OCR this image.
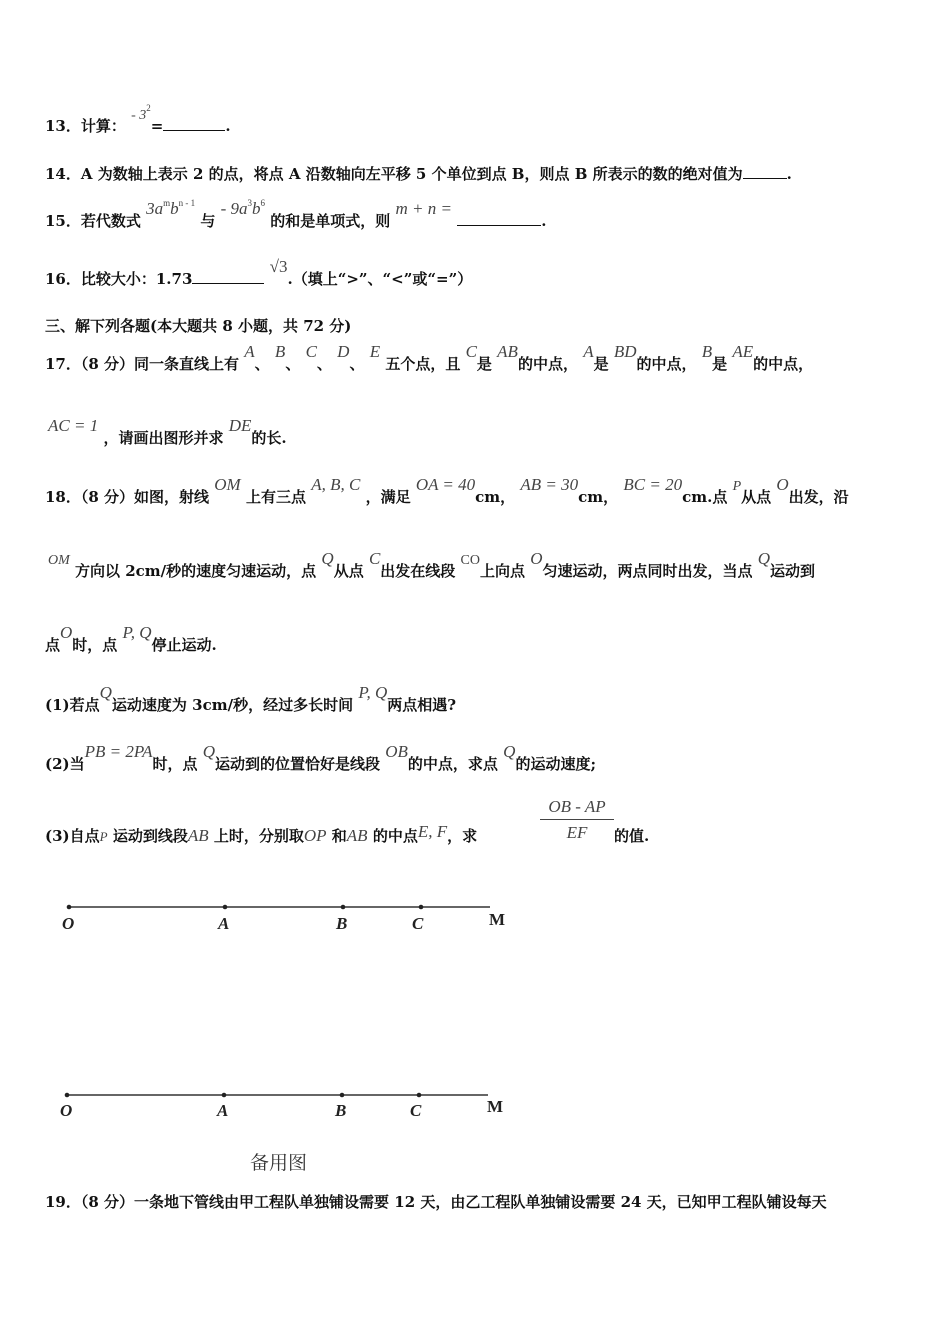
13．计算： - $3^2=$	.
14．A 为数轴上表示 2 的点，将点 A 沿数轴向左平移 5 个单位到点 B，则点 B 所表示的数的绝对值为	.
15．若代数式 $3a^mb^{n - 1}$ 与 - $9a^3b^6$ 的和是单项式，则 m + n = .
16．比较大小：1.73 √3.（填上“>”、“<”或“=”）
三、解下列各题(本大题共 8 小题，共 72 分)
17．（8 分）同一条直线上有 A、 B、 C、 D、 E 五个点，且 C是 AB的中点， A是 BD的中点， B是 AE的中点，
AC = 1 ，请画出图形并求 DE的长.
18．（8 分）如图，射线 OM 上有三点 A, B, C ，满足 OA = 40cm， AB = 30cm， BC = 20cm.点 P从点 O出发，沿
OM 方向以 2cm/秒的速度匀速运动，点 Q从点 C出发在线段 CO上向点 O匀速运动，两点同时出发，当点 Q运动到
点O时，点 P, Q停止运动.
(1)若点Q运动速度为 3cm/秒，经过多长时间 P, Q两点相遇?
(2)当PB = 2PA时，点 Q运动到的位置恰好是线段 OB的中点，求点 Q的运动速度;
(3)自点P 运动到线段AB 上时，分别取OP 和AB 的中点E, F，求	$\frac{OB - AP}{EF}$ 的值.
O	A	B	C	M
O	A	B	C	M
备用图
19．（8 分）一条地下管线由甲工程队单独铺设需要 12 天，由乙工程队单独铺设需要 24 天，已知甲工程队铺设每天
